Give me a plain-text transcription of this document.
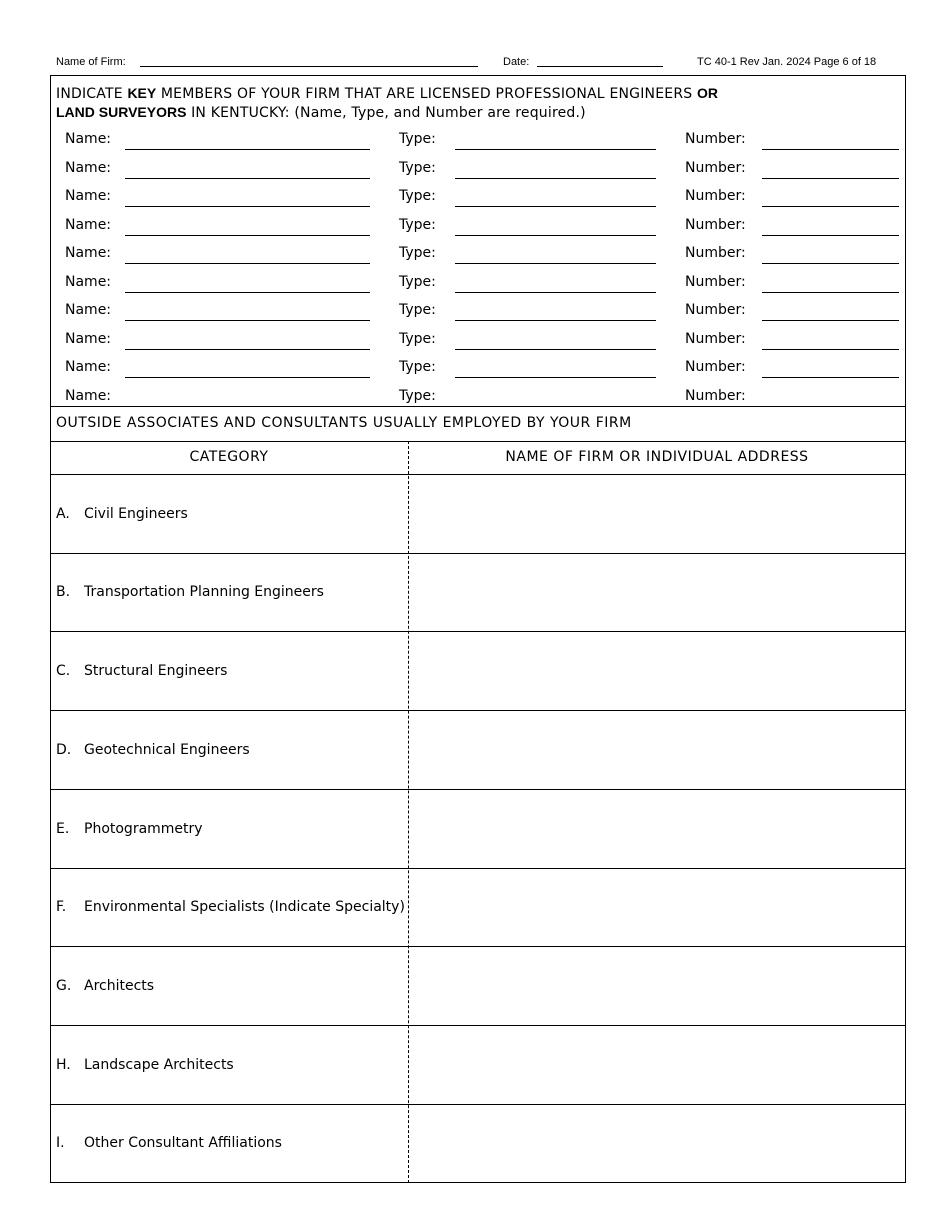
Name of Firm:	Date:	TC 40-1 Rev Jan. 2024 Page 6 of 18
INDICATE KEY MEMBERS OF YOUR FIRM THAT ARE LICENSED PROFESSIONAL ENGINEERS OR
LAND SURVEYORS IN KENTUCKY: (Name, Type, and Number are required.)
Name:	Type:	Number:
Name:	Type:	Number:
Name:	Type:	Number:
Name:	Type:	Number:
Name:	Type:	Number:
Name:	Type:	Number:
Name:	Type:	Number:
Name:	Type:	Number:
Name:	Type:	Number:
Name:	Type:	Number:
OUTSIDE ASSOCIATES AND CONSULTANTS USUALLY EMPLOYED BY YOUR FIRM
CATEGORY	NAME OF FIRM OR INDIVIDUAL ADDRESS
A. Civil Engineers
B. Transportation Planning Engineers
C. Structural Engineers
D. Geotechnical Engineers
E. Photogrammetry
F. Environmental Specialists (Indicate Specialty)
G. Architects
H. Landscape Architects
I. Other Consultant Affiliations
